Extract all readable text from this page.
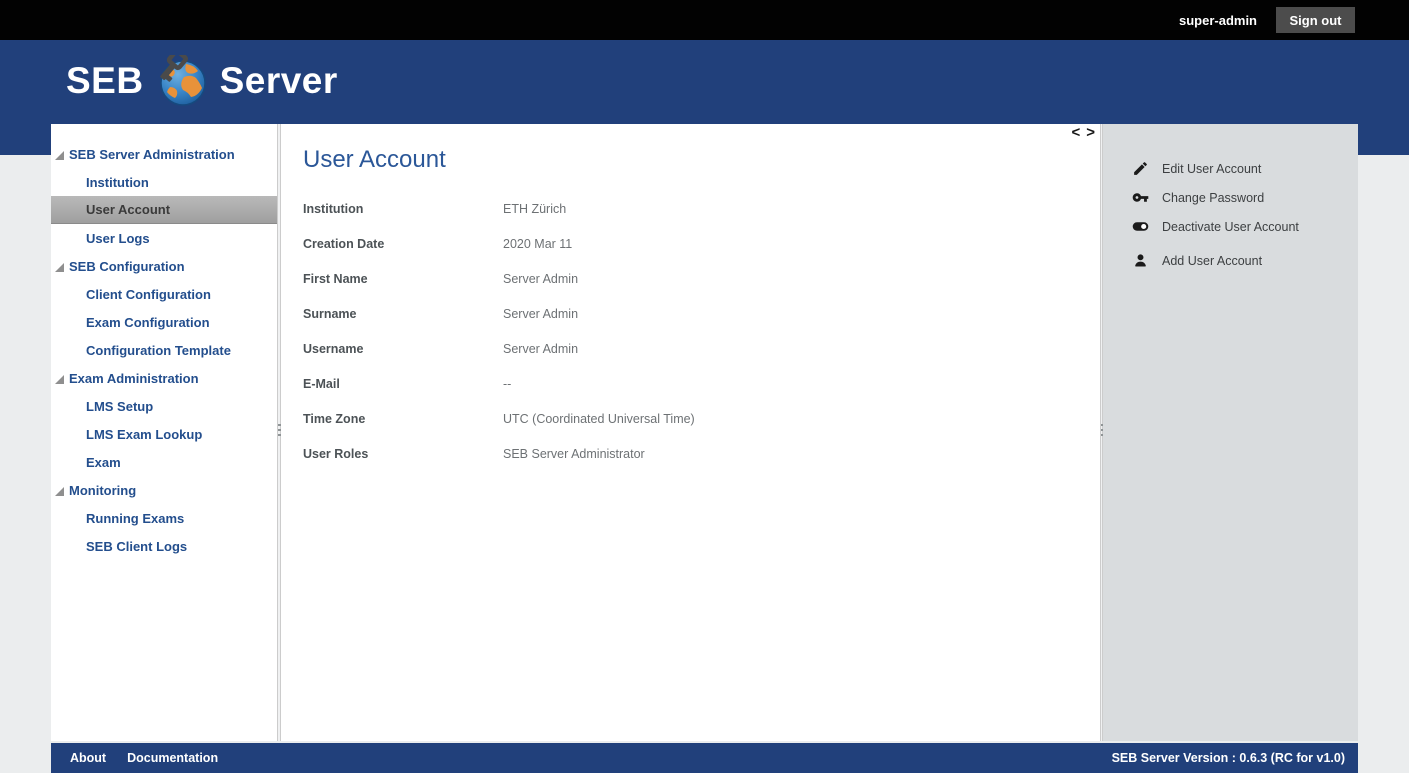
super-admin	Sign out
SEB Server
SEB Server Administration
Institution
User Account
User Logs
SEB Configuration
Client Configuration
Exam Configuration
Configuration Template
Exam Administration
LMS Setup
LMS Exam Lookup
Exam
Monitoring
Running Exams
SEB Client Logs
< >
User Account
Institution	ETH Zürich
Creation Date	2020 Mar 11
First Name	Server Admin
Surname	Server Admin
Username	Server Admin
E-Mail	--
Time Zone	UTC (Coordinated Universal Time)
User Roles	SEB Server Administrator
Edit User Account
Change Password
Deactivate User Account
Add User Account
About Documentation	SEB Server Version : 0.6.3 (RC for v1.0)
